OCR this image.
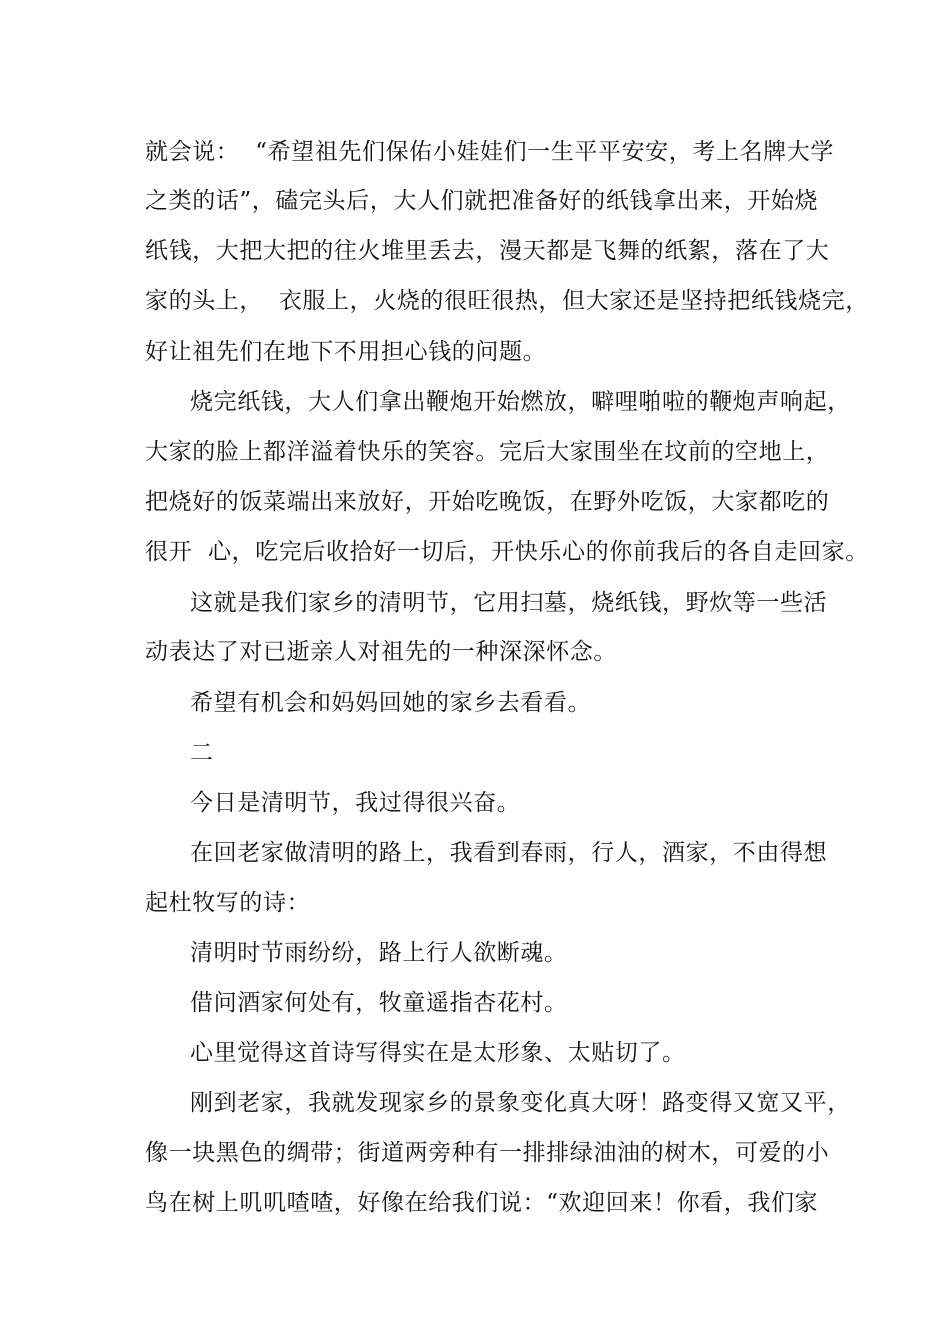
就会说：  “希望祖先们保佑小娃娃们一生平平安安，考上名牌大学
之类的话”，磕完头后，大人们就把准备好的纸钱拿出来，开始烧
纸钱，大把大把的往火堆里丢去，漫天都是飞舞的纸絮，落在了大
家的头上，  衣服上，火烧的很旺很热，但大家还是坚持把纸钱烧完，
好让祖先们在地下不用担心钱的问题。
烧完纸钱，大人们拿出鞭炮开始燃放，噼哩啪啦的鞭炮声响起，
大家的脸上都洋溢着快乐的笑容。完后大家围坐在坟前的空地上，
把烧好的饭菜端出来放好，开始吃晚饭，在野外吃饭，大家都吃的
很开  心，吃完后收拾好一切后，开快乐心的你前我后的各自走回家。
这就是我们家乡的清明节，它用扫墓，烧纸钱，野炊等一些活
动表达了对已逝亲人对祖先的一种深深怀念。
希望有机会和妈妈回她的家乡去看看。
二
今日是清明节，我过得很兴奋。
在回老家做清明的路上，我看到春雨，行人，酒家，不由得想
起杜牧写的诗：
清明时节雨纷纷，路上行人欲断魂。
借问酒家何处有，牧童遥指杏花村。
心里觉得这首诗写得实在是太形象、太贴切了。
刚到老家，我就发现家乡的景象变化真大呀！路变得又宽又平，
像一块黑色的绸带；街道两旁种有一排排绿油油的树木，可爱的小
鸟在树上叽叽喳喳，好像在给我们说：“欢迎回来！你看，我们家
